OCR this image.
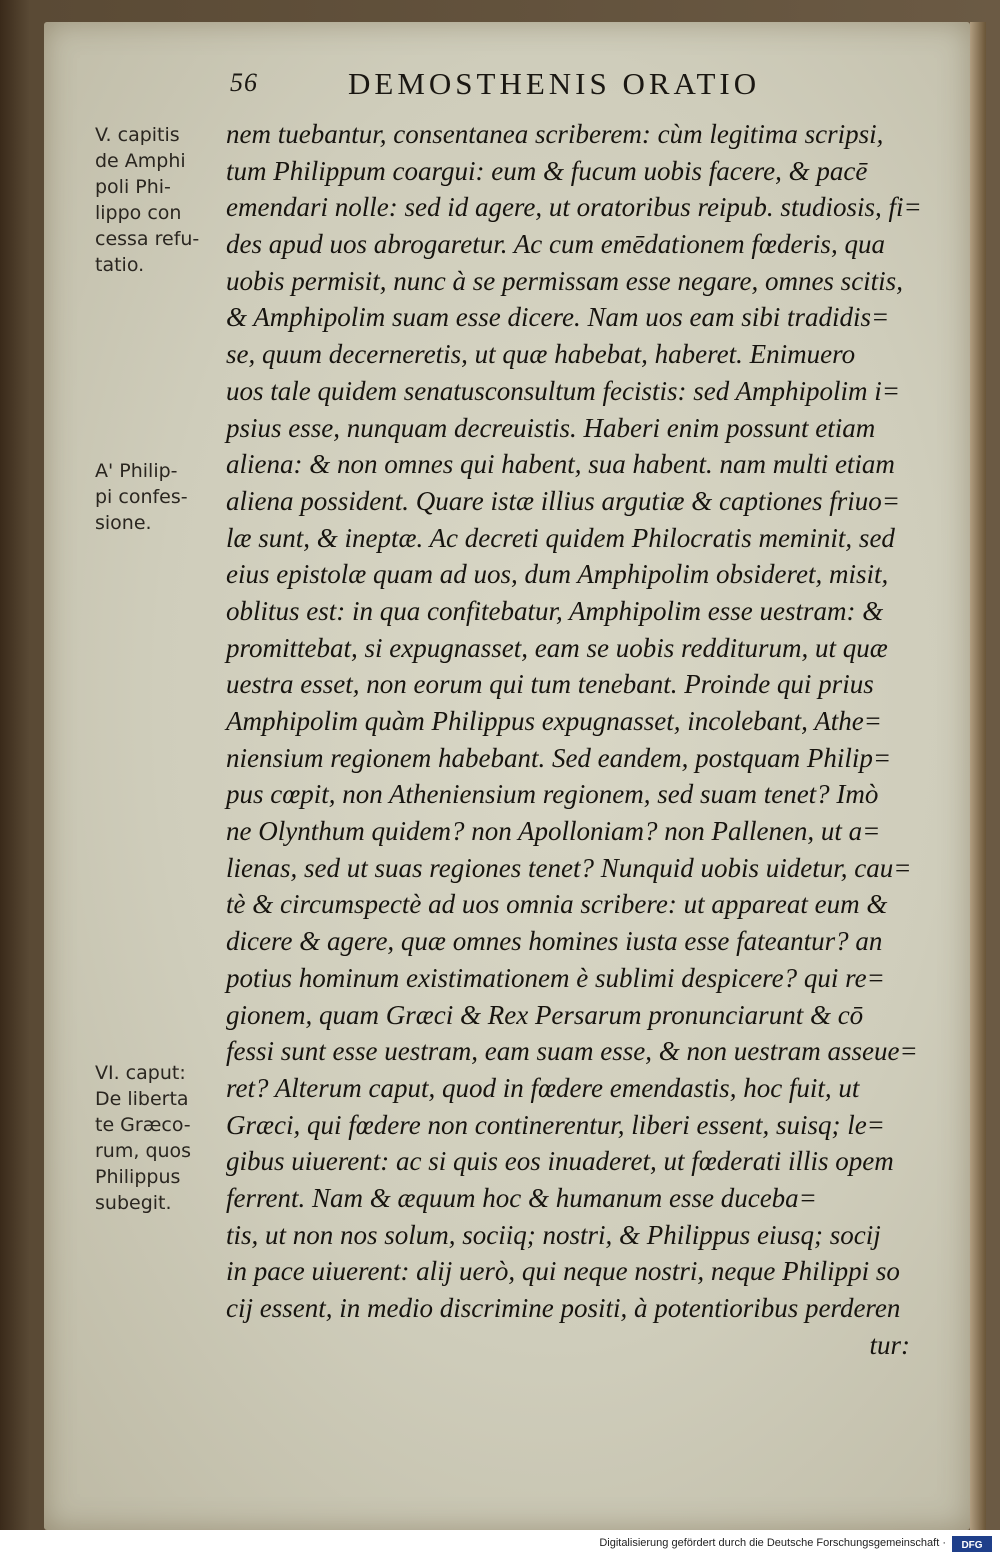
56	DEMOSTHENIS ORATIO
V. capitis
de Amphi
poli Phi-
lippo con
cessa refu-
tatio.
A' Philip-
pi confes-
sione.
VI. caput:
De liberta
te Græco-
rum, quos
Philippus
subegit.
nem tuebantur, consentanea scriberem: cùm legitima scripsi,
tum Philippum coargui: eum & fucum uobis facere, & pacē
emendari nolle: sed id agere, ut oratoribus reipub. studiosis, fi=
des apud uos abrogaretur. Ac cum emēdationem fœderis, qua
uobis permisit, nunc à se permissam esse negare, omnes scitis,
& Amphipolim suam esse dicere. Nam uos eam sibi tradidis=
se, quum decerneretis, ut quæ habebat, haberet. Enimuero
uos tale quidem senatusconsultum fecistis: sed Amphipolim i=
psius esse, nunquam decreuistis. Haberi enim possunt etiam
aliena: & non omnes qui habent, sua habent. nam multi etiam
aliena possident. Quare istæ illius argutiæ & captiones friuo=
læ sunt, & ineptæ. Ac decreti quidem Philocratis meminit, sed
eius epistolæ quam ad uos, dum Amphipolim obsideret, misit,
oblitus est: in qua confitebatur, Amphipolim esse uestram: &
promittebat, si expugnasset, eam se uobis redditurum, ut quæ
uestra esset, non eorum qui tum tenebant. Proinde qui prius
Amphipolim quàm Philippus expugnasset, incolebant, Athe=
niensium regionem habebant. Sed eandem, postquam Philip=
pus cœpit, non Atheniensium regionem, sed suam tenet? Imò
ne Olynthum quidem? non Apolloniam? non Pallenen, ut a=
lienas, sed ut suas regiones tenet? Nunquid uobis uidetur, cau=
tè & circumspectè ad uos omnia scribere: ut appareat eum &
dicere & agere, quæ omnes homines iusta esse fateantur? an
potius hominum existimationem è sublimi despicere? qui re=
gionem, quam Græci & Rex Persarum pronunciarunt & cō
fessi sunt esse uestram, eam suam esse, & non uestram asseue=
ret? Alterum caput, quod in fœdere emendastis, hoc fuit, ut
Græci, qui fœdere non continerentur, liberi essent, suisq; le=
gibus uiuerent: ac si quis eos inuaderet, ut fœderati illis opem
ferrent. Nam & æquum hoc & humanum esse duceba=
tis, ut non nos solum, sociiq; nostri, & Philippus eiusq; socij
in pace uiuerent: alij uerò, qui neque nostri, neque Philippi so
cij essent, in medio discrimine positi, à potentioribus perderen
tur:
Digitalisierung gefördert durch die Deutsche Forschungsgemeinschaft · DFG
